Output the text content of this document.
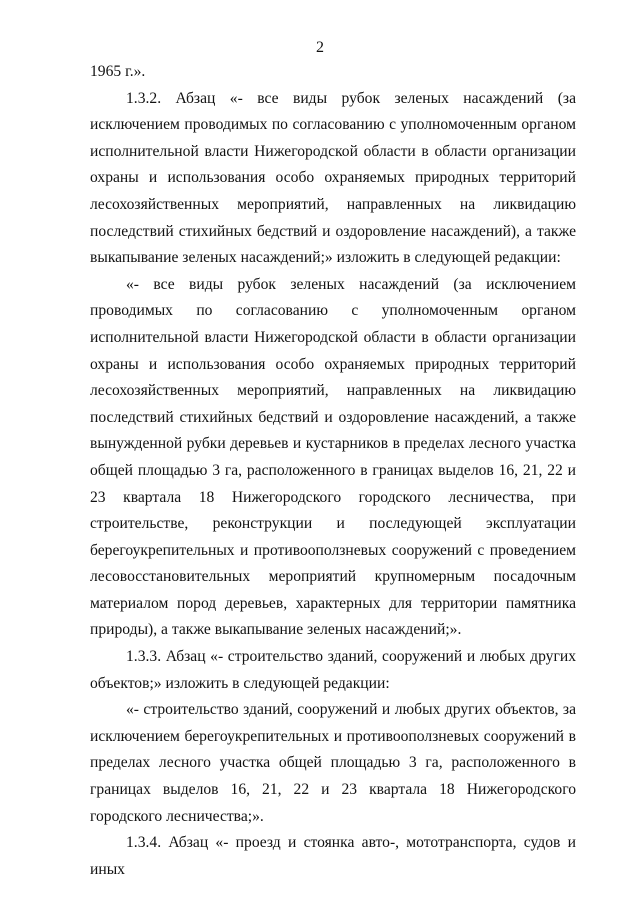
2

1965 г.».

1.3.2. Абзац «- все виды рубок зеленых насаждений (за исключением проводимых по согласованию с уполномоченным органом исполнительной власти Нижегородской области в области организации охраны и использования особо охраняемых природных территорий лесохозяйственных мероприятий, направленных на ликвидацию последствий стихийных бедствий и оздоровление насаждений), а также выкапывание зеленых насаждений;» изложить в следующей редакции:

«- все виды рубок зеленых насаждений (за исключением проводимых по согласованию с уполномоченным органом исполнительной власти Нижегородской области в области организации охраны и использования особо охраняемых природных территорий лесохозяйственных мероприятий, направленных на ликвидацию последствий стихийных бедствий и оздоровление насаждений, а также вынужденной рубки деревьев и кустарников в пределах лесного участка общей площадью 3 га, расположенного в границах выделов 16, 21, 22 и 23 квартала 18 Нижегородского городского лесничества, при строительстве, реконструкции и последующей эксплуатации берегоукрепительных и противооползневых сооружений с проведением лесовосстановительных мероприятий крупномерным посадочным материалом пород деревьев, характерных для территории памятника природы), а также выкапывание зеленых насаждений;».

1.3.3. Абзац «- строительство зданий, сооружений и любых других объектов;» изложить в следующей редакции:

«- строительство зданий, сооружений и любых других объектов, за исключением берегоукрепительных и противооползневых сооружений в пределах лесного участка общей площадью 3 га, расположенного в границах выделов 16, 21, 22 и 23 квартала 18 Нижегородского городского лесничества;».

1.3.4. Абзац «- проезд и стоянка авто-, мототранспорта, судов и иных
